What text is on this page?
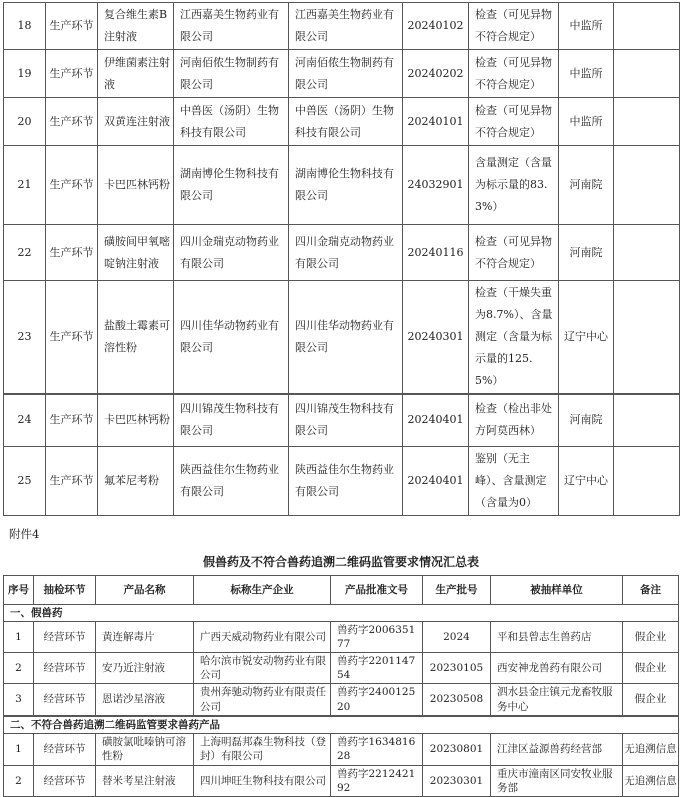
18	生产环节	复合维生素B注射液	江西嘉美生物药业有限公司	江西嘉美生物药业有限公司	20240102	检查（可见异物不符合规定）	中监所	
19	生产环节	伊维菌素注射液	河南佰侬生物制药有限公司	河南佰侬生物制药有限公司	20240202	检查（可见异物不符合规定）	中监所	
20	生产环节	双黄连注射液	中兽医（汤阴）生物科技有限公司	中兽医（汤阴）生物科技有限公司	20240101	检查（可见异物不符合规定）	中监所	
21	生产环节	卡巴匹林钙粉	湖南博伦生物科技有限公司	湖南博伦生物科技有限公司	24032901	含量测定（含量为标示量的83.3%）	河南院	
22	生产环节	磺胺间甲氧嘧啶钠注射液	四川金瑞克动物药业有限公司	四川金瑞克动物药业有限公司	20240116	检查（可见异物不符合规定）	河南院	
23	生产环节	盐酸土霉素可溶性粉	四川佳华动物药业有限公司	四川佳华动物药业有限公司	20240301	检查（干燥失重为8.7%）、含量测定（含量为标示量的125.5%）	辽宁中心	
24	生产环节	卡巴匹林钙粉	四川锦茂生物科技有限公司	四川锦茂生物科技有限公司	20240401	检查（检出非处方阿莫西林）	河南院	
25	生产环节	氟苯尼考粉	陕西益佳尔生物药业有限公司	陕西益佳尔生物药业有限公司	20240401	鉴别（无主峰）、含量测定（含量为0）	辽宁中心	
附件4
假兽药及不符合兽药追溯二维码监管要求情况汇总表
序号	抽检环节	产品名称	标称生产企业	产品批准文号	生产批号	被抽样单位	备注
一、假兽药							
1	经营环节	黄连解毒片	广西天威动物药业有限公司	兽药字200635177	2024	平和县曾志生兽药店	假企业
2	经营环节	安乃近注射液	哈尔滨市锐安动物药业有限公司	兽药字220114754	20230105	西安神龙兽药有限公司	假企业
3	经营环节	恩诺沙星溶液	贵州奔驰动物药业有限责任公司	兽药字240012520	20230508	泗水县金庄镇元龙畜牧服务中心	假企业
二、不符合兽药追溯二维码监管要求兽药产品							
1	经营环节	磺胺氯吡嗪钠可溶性粉	上海明磊邦森生物科技（登封）有限公司	兽药字163481628	20230801	江津区益源兽药经营部	无追溯信息
2	经营环节	替米考星注射液	四川坤旺生物科技有限公司	兽药字221242192	20230301	重庆市潼南区同安牧业服务部	无追溯信息
